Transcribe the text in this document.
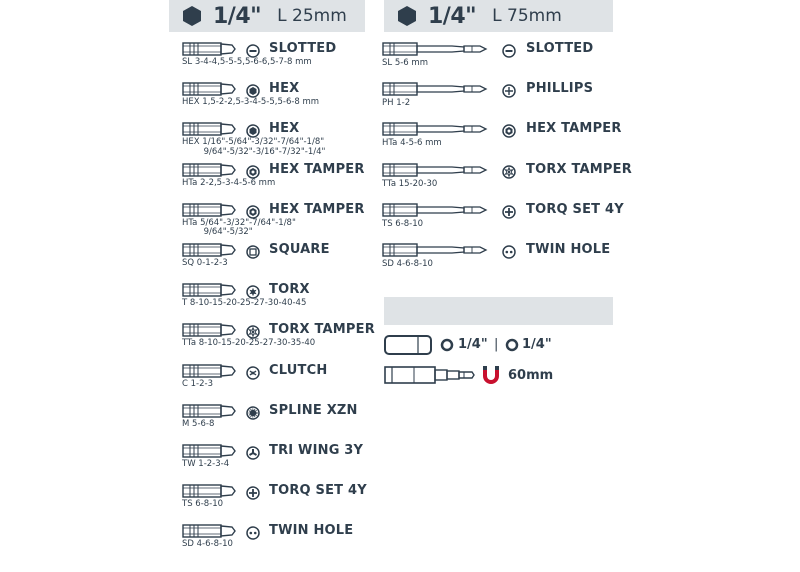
1/4" L 25mm	1/4" L 75mm
SLOTTED
SL 3-4-4,5-5-5,5-6-6,5-7-8 mm
HEX
HEX 1,5-2-2,5-3-4-5-5,5-6-8 mm
HEX
HEX 1/16"-5/64"-3/32"-7/64"-1/8"
9/64"-5/32"-3/16"-7/32"-1/4"
HEX TAMPER
HTa 2-2,5-3-4-5-6 mm
HEX TAMPER
HTa 5/64"-3/32"-7/64"-1/8"
9/64"-5/32"
SQUARE
SQ 0-1-2-3
TORX
T 8-10-15-20-25-27-30-40-45
TORX TAMPER
TTa 8-10-15-20-25-27-30-35-40
CLUTCH
C 1-2-3
SPLINE XZN
M 5-6-8
TRI WING 3Y
TW 1-2-3-4
TORQ SET 4Y
TS 6-8-10
TWIN HOLE
SD 4-6-8-10
SLOTTED
SL 5-6 mm
PHILLIPS
PH 1-2
HEX TAMPER
HTa 4-5-6 mm
TORX TAMPER
TTa 15-20-30
TORQ SET 4Y
TS 6-8-10
TWIN HOLE
SD 4-6-8-10
1/4" | 1/4"
60mm
